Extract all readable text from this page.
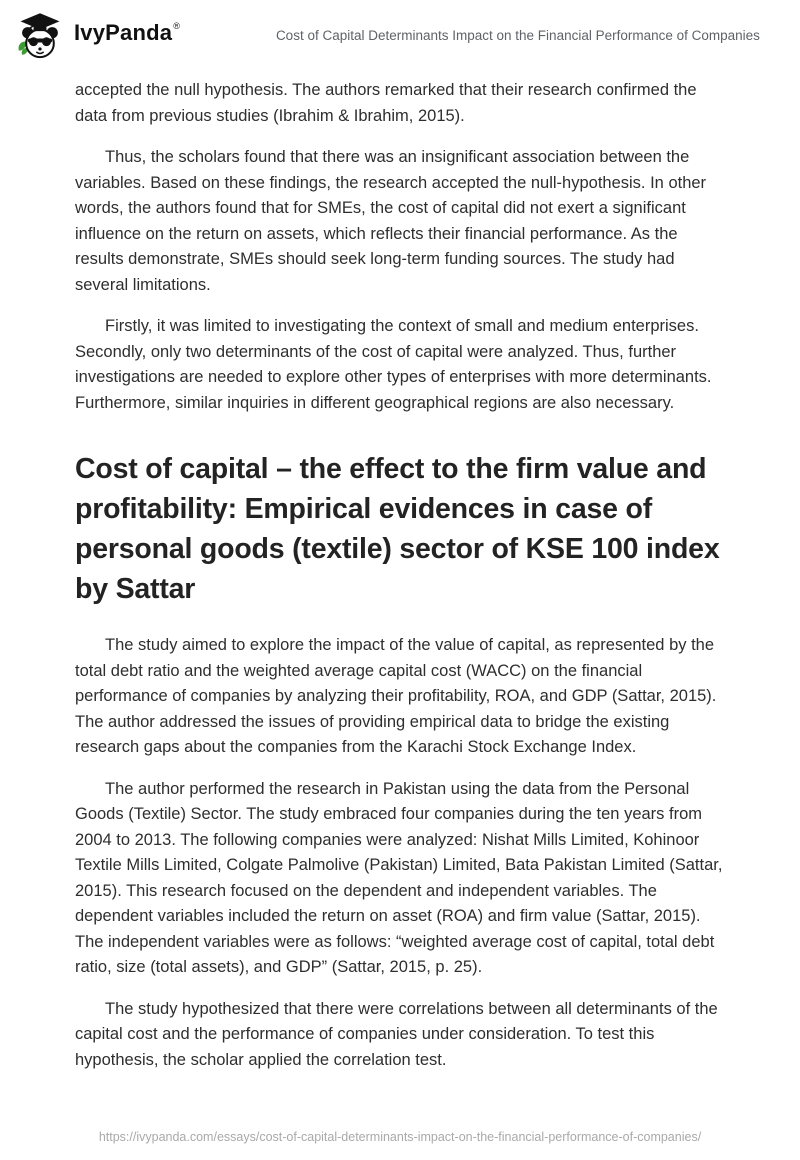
IvyPanda ®
Cost of Capital Determinants Impact on the Financial Performance of Companies

accepted the null hypothesis. The authors remarked that their research confirmed the data from previous studies (Ibrahim & Ibrahim, 2015).

Thus, the scholars found that there was an insignificant association between the variables. Based on these findings, the research accepted the null-hypothesis. In other words, the authors found that for SMEs, the cost of capital did not exert a significant influence on the return on assets, which reflects their financial performance. As the results demonstrate, SMEs should seek long-term funding sources. The study had several limitations.

Firstly, it was limited to investigating the context of small and medium enterprises. Secondly, only two determinants of the cost of capital were analyzed. Thus, further investigations are needed to explore other types of enterprises with more determinants. Furthermore, similar inquiries in different geographical regions are also necessary.

Cost of capital – the effect to the firm value and profitability: Empirical evidences in case of personal goods (textile) sector of KSE 100 index by Sattar

The study aimed to explore the impact of the value of capital, as represented by the total debt ratio and the weighted average capital cost (WACC) on the financial performance of companies by analyzing their profitability, ROA, and GDP (Sattar, 2015). The author addressed the issues of providing empirical data to bridge the existing research gaps about the companies from the Karachi Stock Exchange Index.

The author performed the research in Pakistan using the data from the Personal Goods (Textile) Sector. The study embraced four companies during the ten years from 2004 to 2013. The following companies were analyzed: Nishat Mills Limited, Kohinoor Textile Mills Limited, Colgate Palmolive (Pakistan) Limited, Bata Pakistan Limited (Sattar, 2015). This research focused on the dependent and independent variables. The dependent variables included the return on asset (ROA) and firm value (Sattar, 2015). The independent variables were as follows: “weighted average cost of capital, total debt ratio, size (total assets), and GDP” (Sattar, 2015, p. 25).

The study hypothesized that there were correlations between all determinants of the capital cost and the performance of companies under consideration. To test this hypothesis, the scholar applied the correlation test.

https://ivypanda.com/essays/cost-of-capital-determinants-impact-on-the-financial-performance-of-companies/
